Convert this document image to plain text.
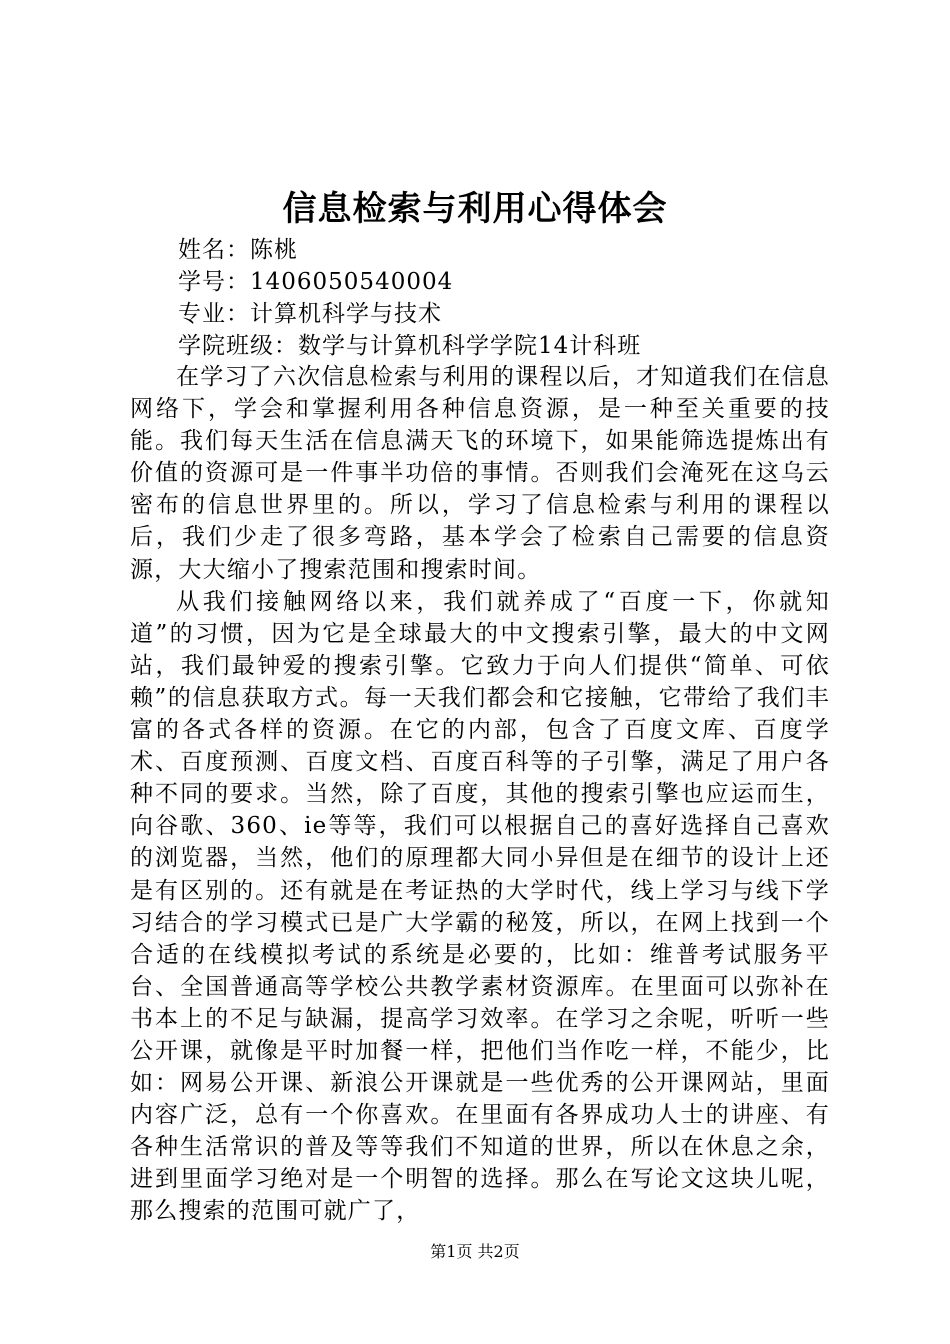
信息检索与利用心得体会
姓名：陈桃
学号：1406050540004
专业：计算机科学与技术
学院班级：数学与计算机科学学院14计科班

在学习了六次信息检索与利用的课程以后，才知道我们在信息网络下，学会和掌握利用各种信息资源，是一种至关重要的技能。我们每天生活在信息满天飞的环境下，如果能筛选提炼出有价值的资源可是一件事半功倍的事情。否则我们会淹死在这乌云密布的信息世界里的。所以，学习了信息检索与利用的课程以后，我们少走了很多弯路，基本学会了检索自己需要的信息资源，大大缩小了搜索范围和搜索时间。

从我们接触网络以来，我们就养成了“百度一下，你就知道”的习惯，因为它是全球最大的中文搜索引擎，最大的中文网站，我们最钟爱的搜索引擎。它致力于向人们提供“简单、可依赖”的信息获取方式。每一天我们都会和它接触，它带给了我们丰富的各式各样的资源。在它的内部，包含了百度文库、百度学术、百度预测、百度文档、百度百科等的子引擎，满足了用户各种不同的要求。当然，除了百度，其他的搜索引擎也应运而生，向谷歌、360、ie等等，我们可以根据自己的喜好选择自己喜欢的浏览器，当然，他们的原理都大同小异但是在细节的设计上还是有区别的。还有就是在考证热的大学时代，线上学习与线下学习结合的学习模式已是广大学霸的秘笈，所以，在网上找到一个合适的在线模拟考试的系统是必要的，比如：维普考试服务平台、全国普通高等学校公共教学素材资源库。在里面可以弥补在书本上的不足与缺漏，提高学习效率。在学习之余呢，听听一些公开课，就像是平时加餐一样，把他们当作吃一样，不能少，比如：网易公开课、新浪公开课就是一些优秀的公开课网站，里面内容广泛，总有一个你喜欢。在里面有各界成功人士的讲座、有各种生活常识的普及等等我们不知道的世界，所以在休息之余，进到里面学习绝对是一个明智的选择。那么在写论文这块儿呢，那么搜索的范围可就广了，

第1页 共2页
